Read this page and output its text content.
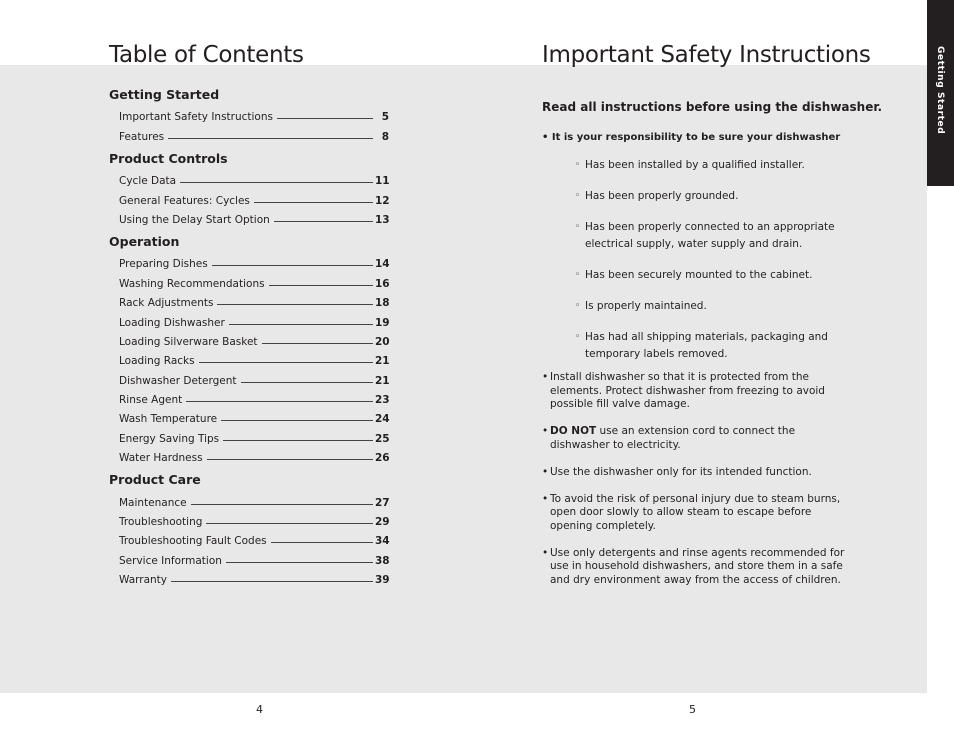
Getting Started
Table of Contents
Getting Started
Important Safety Instructions	5
Features	8
Product Controls
Cycle Data	11
General Features: Cycles	12
Using the Delay Start Option	13
Operation
Preparing Dishes	14
Washing Recommendations	16
Rack Adjustments	18
Loading Dishwasher	19
Loading Silverware Basket	20
Loading Racks	21
Dishwasher Detergent	21
Rinse Agent	23
Wash Temperature	24
Energy Saving Tips	25
Water Hardness	26
Product Care
Maintenance	27
Troubleshooting	29
Troubleshooting Fault Codes	34
Service Information	38
Warranty	39
Important Safety Instructions
Read all instructions before using the dishwasher.
• It is your responsibility to be sure your dishwasher
◦ Has been installed by a qualified installer.
◦ Has been properly grounded.
◦ Has been properly connected to an appropriate electrical supply, water supply and drain.
◦ Has been securely mounted to the cabinet.
◦ Is properly maintained.
◦ Has had all shipping materials, packaging and temporary labels removed.
• Install dishwasher so that it is protected from the elements. Protect dishwasher from freezing to avoid possible fill valve damage.
• DO NOT use an extension cord to connect the dishwasher to electricity.
• Use the dishwasher only for its intended function.
• To avoid the risk of personal injury due to steam burns, open door slowly to allow steam to escape before opening completely.
• Use only detergents and rinse agents recommended for use in household dishwashers, and store them in a safe and dry environment away from the access of children.
4	5
